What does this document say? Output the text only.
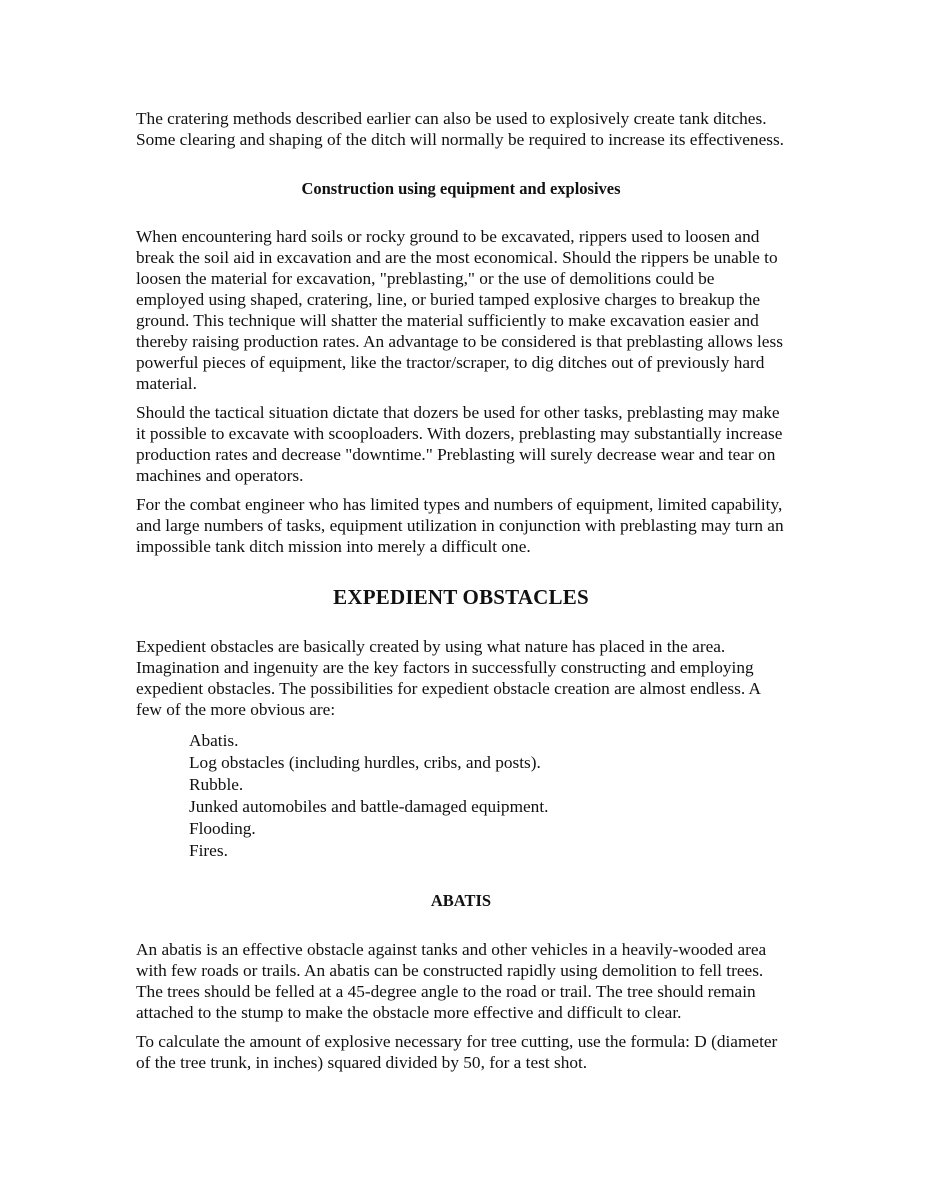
The cratering methods described earlier can also be used to explosively create tank ditches. Some clearing and shaping of the ditch will normally be required to increase its effectiveness.

Construction using equipment and explosives

When encountering hard soils or rocky ground to be excavated, rippers used to loosen and break the soil aid in excavation and are the most economical. Should the rippers be unable to loosen the material for excavation, "preblasting," or the use of demolitions could be employed using shaped, cratering, line, or buried tamped explosive charges to breakup the ground. This technique will shatter the material sufficiently to make excavation easier and thereby raising production rates. An advantage to be considered is that preblasting allows less powerful pieces of equipment, like the tractor/scraper, to dig ditches out of previously hard material.

Should the tactical situation dictate that dozers be used for other tasks, preblasting may make it possible to excavate with scooploaders. With dozers, preblasting may substantially increase production rates and decrease "downtime." Preblasting will surely decrease wear and tear on machines and operators.

For the combat engineer who has limited types and numbers of equipment, limited capability, and large numbers of tasks, equipment utilization in conjunction with preblasting may turn an impossible tank ditch mission into merely a difficult one.

EXPEDIENT OBSTACLES

Expedient obstacles are basically created by using what nature has placed in the area. Imagination and ingenuity are the key factors in successfully constructing and employing expedient obstacles. The possibilities for expedient obstacle creation are almost endless. A few of the more obvious are:

Abatis.
Log obstacles (including hurdles, cribs, and posts).
Rubble.
Junked automobiles and battle-damaged equipment.
Flooding.
Fires.
ABATIS

An abatis is an effective obstacle against tanks and other vehicles in a heavily-wooded area with few roads or trails. An abatis can be constructed rapidly using demolition to fell trees. The trees should be felled at a 45-degree angle to the road or trail. The tree should remain attached to the stump to make the obstacle more effective and difficult to clear.

To calculate the amount of explosive necessary for tree cutting, use the formula: D (diameter of the tree trunk, in inches) squared divided by 50, for a test shot.
